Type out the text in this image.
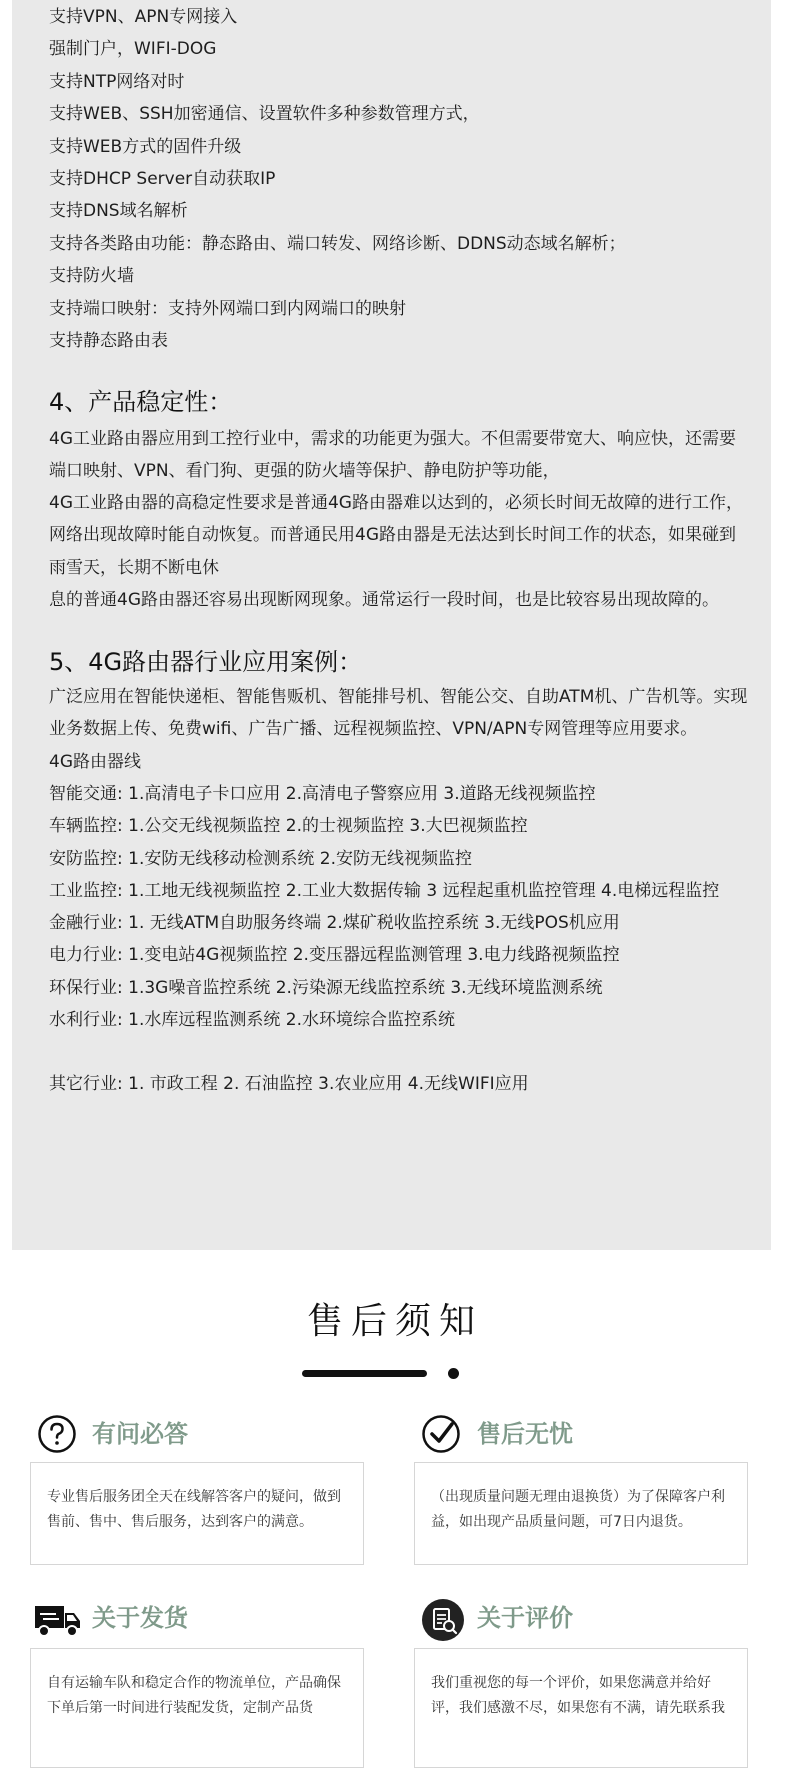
支持VPN、APN专网接入
强制门户，WIFI-DOG
支持NTP网络对时
支持WEB、SSH加密通信、设置软件多种参数管理方式，
支持WEB方式的固件升级
支持DHCP Server自动获取IP
支持DNS域名解析
支持各类路由功能：静态路由、端口转发、网络诊断、DDNS动态域名解析；
支持防火墙
支持端口映射：支持外网端口到内网端口的映射
支持静态路由表
4、产品稳定性：
4G工业路由器应用到工控行业中，需求的功能更为强大。不但需要带宽大、响应快，还需要
端口映射、VPN、看门狗、更强的防火墙等保护、静电防护等功能，
4G工业路由器的高稳定性要求是普通4G路由器难以达到的，必须长时间无故障的进行工作，
网络出现故障时能自动恢复。而普通民用4G路由器是无法达到长时间工作的状态，如果碰到
雨雪天，长期不断电休
息的普通4G路由器还容易出现断网现象。通常运行一段时间，也是比较容易出现故障的。
5、4G路由器行业应用案例：
广泛应用在智能快递柜、智能售贩机、智能排号机、智能公交、自助ATM机、广告机等。实现
业务数据上传、免费wifi、广告广播、远程视频监控、VPN/APN专网管理等应用要求。
4G路由器线
智能交通: 1.高清电子卡口应用 2.高清电子警察应用 3.道路无线视频监控
车辆监控: 1.公交无线视频监控 2.的士视频监控 3.大巴视频监控
安防监控: 1.安防无线移动检测系统 2.安防无线视频监控
工业监控: 1.工地无线视频监控 2.工业大数据传输 3 远程起重机监控管理 4.电梯远程监控
金融行业: 1. 无线ATM自助服务终端 2.煤矿税收监控系统 3.无线POS机应用
电力行业: 1.变电站4G视频监控 2.变压器远程监测管理 3.电力线路视频监控
环保行业: 1.3G噪音监控系统 2.污染源无线监控系统 3.无线环境监测系统
水利行业: 1.水库远程监测系统 2.水环境综合监控系统
其它行业: 1. 市政工程 2. 石油监控 3.农业应用 4.无线WIFI应用
售后须知
有问必答
专业售后服务团全天在线解答客户的疑问，做到售前、售中、售后服务，达到客户的满意。
售后无忧
（出现质量问题无理由退换货）为了保障客户利益，如出现产品质量问题，可7日内退货。
关于发货
自有运输车队和稳定合作的物流单位，产品确保下单后第一时间进行装配发货，定制产品货
关于评价
我们重视您的每一个评价，如果您满意并给好评，我们感激不尽，如果您有不满，请先联系我
